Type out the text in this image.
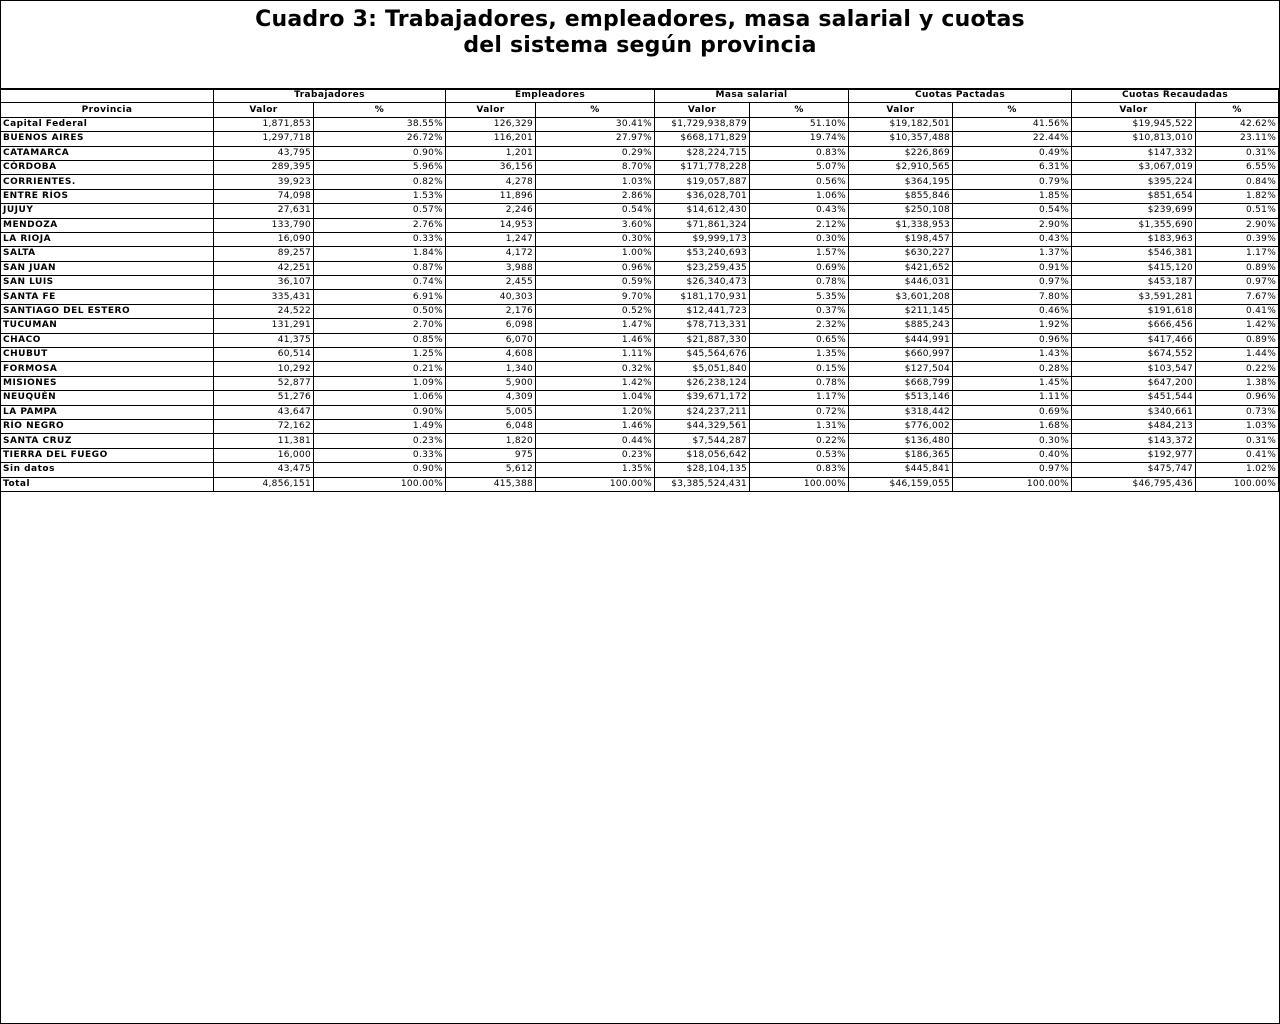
Cuadro 3: Trabajadores, empleadores, masa salarial y cuotas
del sistema según provincia
	Trabajadores		Empleadores		Masa salarial		Cuotas Pactadas		Cuotas Recaudadas	
Provincia	Valor	%	Valor	%	Valor	%	Valor	%	Valor	%
Capital Federal	1,871,853	38.55%	126,329	30.41%	$1,729,938,879	51.10%	$19,182,501	41.56%	$19,945,522	42.62%
BUENOS AIRES	1,297,718	26.72%	116,201	27.97%	$668,171,829	19.74%	$10,357,488	22.44%	$10,813,010	23.11%
CATAMARCA	43,795	0.90%	1,201	0.29%	$28,224,715	0.83%	$226,869	0.49%	$147,332	0.31%
CÓRDOBA	289,395	5.96%	36,156	8.70%	$171,778,228	5.07%	$2,910,565	6.31%	$3,067,019	6.55%
CORRIENTES.	39,923	0.82%	4,278	1.03%	$19,057,887	0.56%	$364,195	0.79%	$395,224	0.84%
ENTRE RÍOS	74,098	1.53%	11,896	2.86%	$36,028,701	1.06%	$855,846	1.85%	$851,654	1.82%
JUJUY	27,631	0.57%	2,246	0.54%	$14,612,430	0.43%	$250,108	0.54%	$239,699	0.51%
MENDOZA	133,790	2.76%	14,953	3.60%	$71,861,324	2.12%	$1,338,953	2.90%	$1,355,690	2.90%
LA RIOJA	16,090	0.33%	1,247	0.30%	$9,999,173	0.30%	$198,457	0.43%	$183,963	0.39%
SALTA	89,257	1.84%	4,172	1.00%	$53,240,693	1.57%	$630,227	1.37%	$546,381	1.17%
SAN JUAN	42,251	0.87%	3,988	0.96%	$23,259,435	0.69%	$421,652	0.91%	$415,120	0.89%
SAN LUIS	36,107	0.74%	2,455	0.59%	$26,340,473	0.78%	$446,031	0.97%	$453,187	0.97%
SANTA FE	335,431	6.91%	40,303	9.70%	$181,170,931	5.35%	$3,601,208	7.80%	$3,591,281	7.67%
SANTIAGO DEL ESTERO	24,522	0.50%	2,176	0.52%	$12,441,723	0.37%	$211,145	0.46%	$191,618	0.41%
TUCUMAN	131,291	2.70%	6,098	1.47%	$78,713,331	2.32%	$885,243	1.92%	$666,456	1.42%
CHACO	41,375	0.85%	6,070	1.46%	$21,887,330	0.65%	$444,991	0.96%	$417,466	0.89%
CHUBUT	60,514	1.25%	4,608	1.11%	$45,564,676	1.35%	$660,997	1.43%	$674,552	1.44%
FORMOSA	10,292	0.21%	1,340	0.32%	$5,051,840	0.15%	$127,504	0.28%	$103,547	0.22%
MISIONES	52,877	1.09%	5,900	1.42%	$26,238,124	0.78%	$668,799	1.45%	$647,200	1.38%
NEUQUÉN	51,276	1.06%	4,309	1.04%	$39,671,172	1.17%	$513,146	1.11%	$451,544	0.96%
LA PAMPA	43,647	0.90%	5,005	1.20%	$24,237,211	0.72%	$318,442	0.69%	$340,661	0.73%
RÍO NEGRO	72,162	1.49%	6,048	1.46%	$44,329,561	1.31%	$776,002	1.68%	$484,213	1.03%
SANTA CRUZ	11,381	0.23%	1,820	0.44%	$7,544,287	0.22%	$136,480	0.30%	$143,372	0.31%
TIERRA DEL FUEGO	16,000	0.33%	975	0.23%	$18,056,642	0.53%	$186,365	0.40%	$192,977	0.41%
Sin datos	43,475	0.90%	5,612	1.35%	$28,104,135	0.83%	$445,841	0.97%	$475,747	1.02%
Total	4,856,151	100.00%	415,388	100.00%	$3,385,524,431	100.00%	$46,159,055	100.00%	$46,795,436	100.00%
